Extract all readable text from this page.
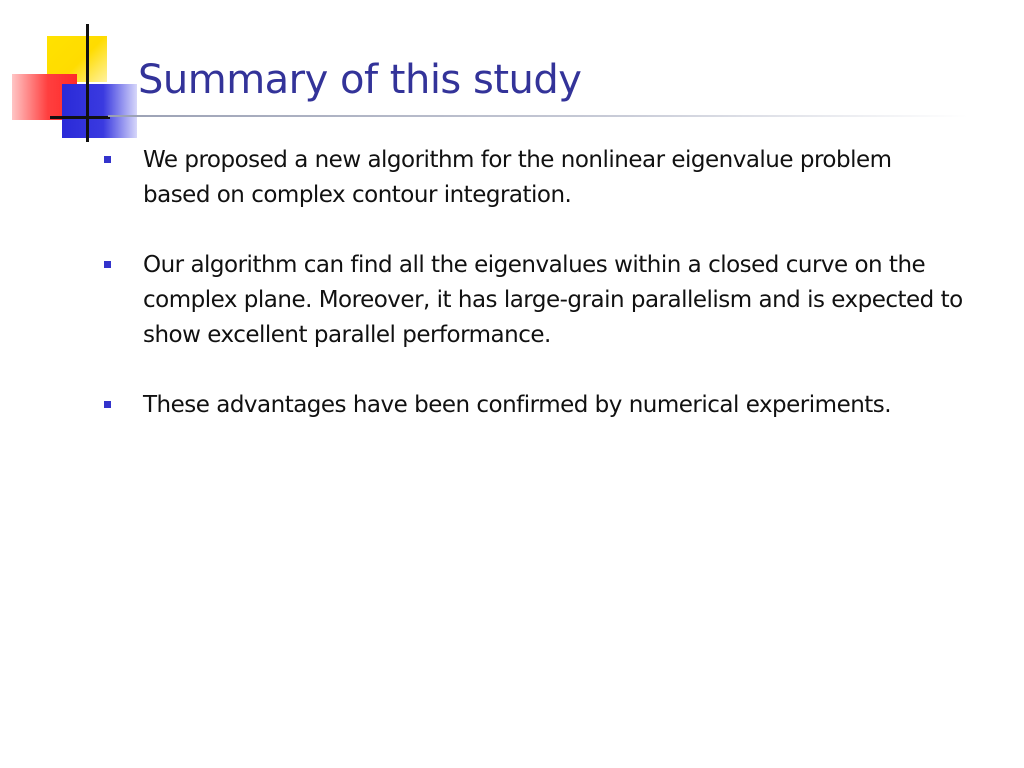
Summary of this study
We proposed a new algorithm for the nonlinear eigenvalue problem based on complex contour integration.
Our algorithm can find all the eigenvalues within a closed curve on the complex plane. Moreover, it has large-grain parallelism and is expected to show excellent parallel performance.
These advantages have been confirmed by numerical experiments.
